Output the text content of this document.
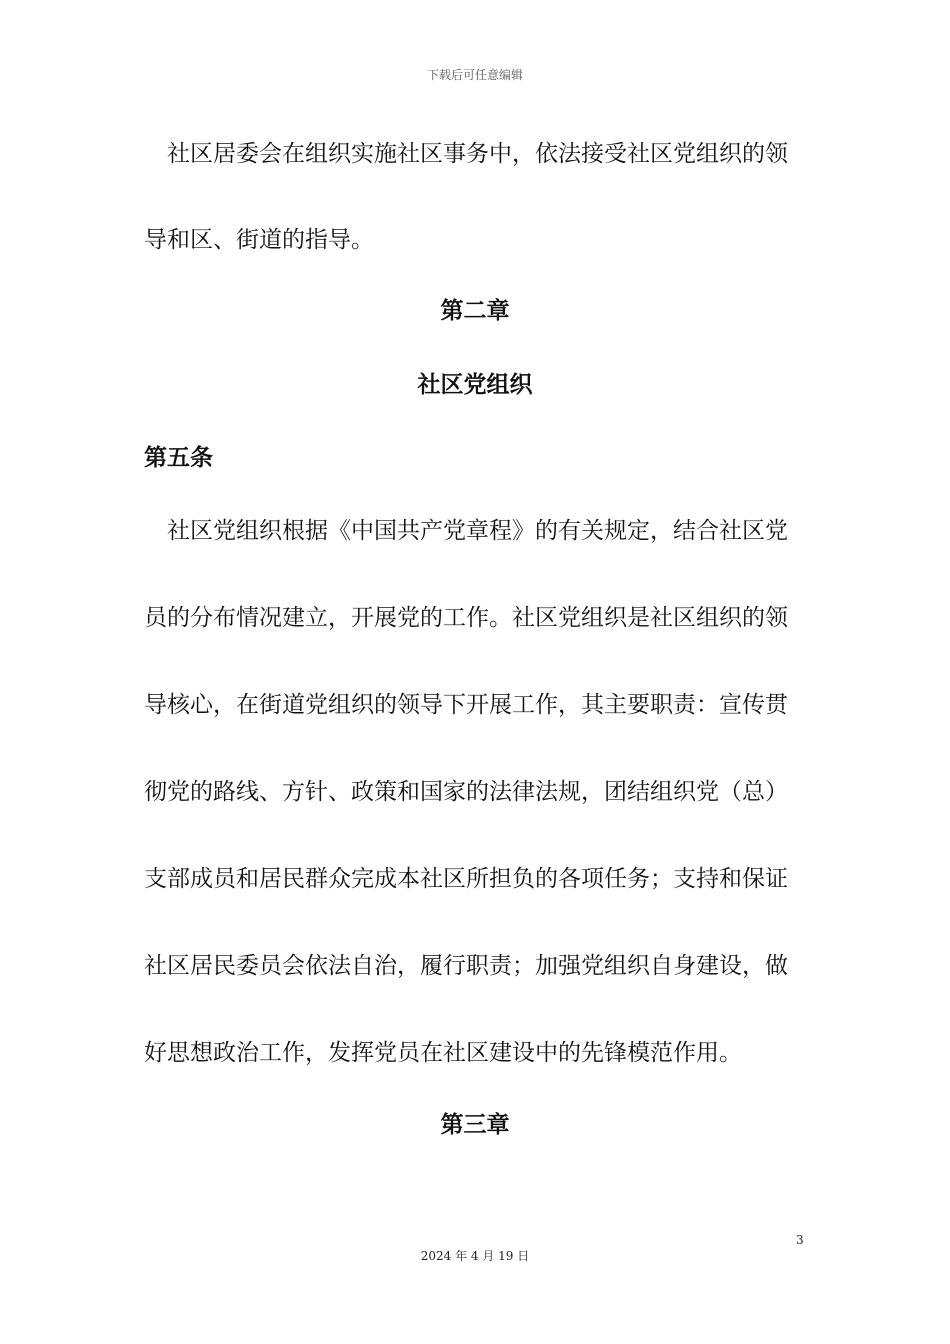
下载后可任意编辑

　社区居委会在组织实施社区事务中，依法接受社区党组织的领

导和区、街道的指导。

第二章
社区党组织
第五条

　社区党组织根据《中国共产党章程》的有关规定，结合社区党

员的分布情况建立，开展党的工作。社区党组织是社区组织的领

导核心，在街道党组织的领导下开展工作，其主要职责：宣传贯

彻党的路线、方针、政策和国家的法律法规，团结组织党（总）

支部成员和居民群众完成本社区所担负的各项任务；支持和保证

社区居民委员会依法自治，履行职责；加强党组织自身建设，做

好思想政治工作，发挥党员在社区建设中的先锋模范作用。

第三章
3
2024 年 4 月 19 日
